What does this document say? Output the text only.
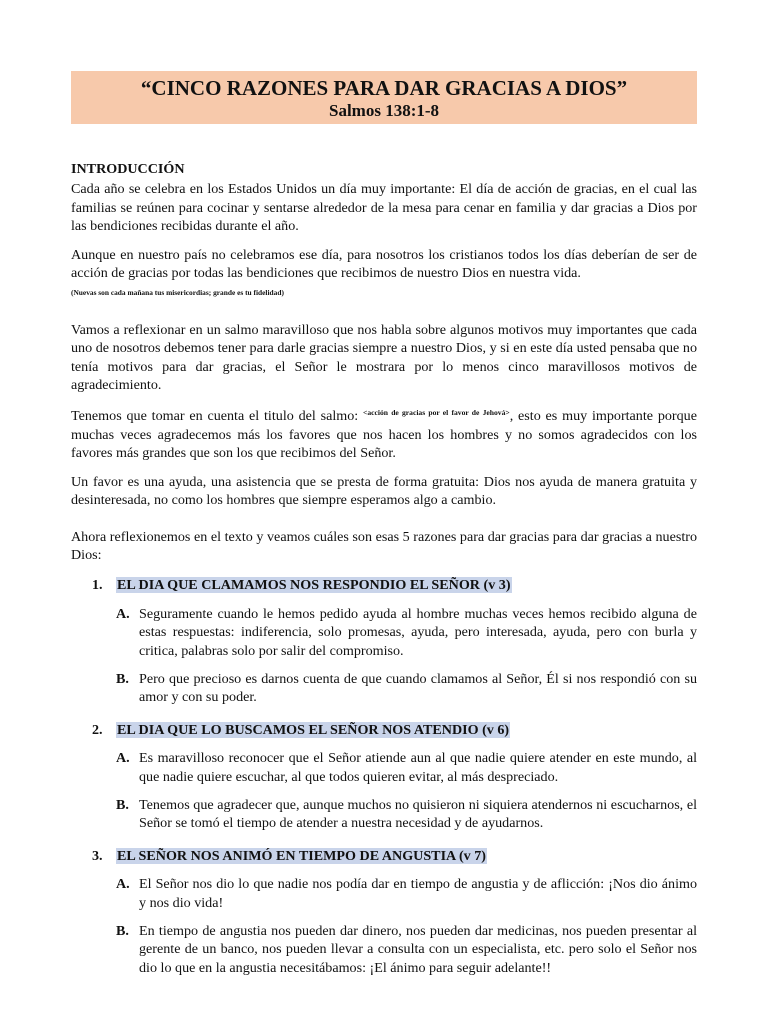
“CINCO RAZONES PARA DAR GRACIAS A DIOS”
Salmos 138:1-8

INTRODUCCIÓN

Cada año se celebra en los Estados Unidos un día muy importante: El día de acción de gracias, en el cual las familias se reúnen para cocinar y sentarse alrededor de la mesa para cenar en familia y dar gracias a Dios por las bendiciones recibidas durante el año.

Aunque en nuestro país no celebramos ese día, para nosotros los cristianos todos los días deberían de ser de acción de gracias por todas las bendiciones que recibimos de nuestro Dios en nuestra vida.
(Nuevas son cada mañana tus misericordias; grande es tu fidelidad)

Vamos a reflexionar en un salmo maravilloso que nos habla sobre algunos motivos muy importantes que cada uno de nosotros debemos tener para darle gracias siempre a nuestro Dios, y si en este día usted pensaba que no tenía motivos para dar gracias, el Señor le mostrara por lo menos cinco maravillosos motivos de agradecimiento.

Tenemos que tomar en cuenta el titulo del salmo: $^{<acción de gracias por el favor de Jehová>}$, esto es muy importante porque muchas veces agradecemos más los favores que nos hacen los hombres y no somos agradecidos con los favores más grandes que son los que recibimos del Señor.

Un favor es una ayuda, una asistencia que se presta de forma gratuita: Dios nos ayuda de manera gratuita y desinteresada, no como los hombres que siempre esperamos algo a cambio.

Ahora reflexionemos en el texto y veamos cuáles son esas 5 razones para dar gracias para dar gracias a nuestro Dios:

1. EL DIA QUE CLAMAMOS NOS RESPONDIO EL SEÑOR (v 3)

A. Seguramente cuando le hemos pedido ayuda al hombre muchas veces hemos recibido alguna de estas respuestas: indiferencia, solo promesas, ayuda, pero interesada, ayuda, pero con burla y critica, palabras solo por salir del compromiso.

B. Pero que precioso es darnos cuenta de que cuando clamamos al Señor, Él si nos respondió con su amor y con su poder.

2. EL DIA QUE LO BUSCAMOS EL SEÑOR NOS ATENDIO (v 6)

A. Es maravilloso reconocer que el Señor atiende aun al que nadie quiere atender en este mundo, al que nadie quiere escuchar, al que todos quieren evitar, al más despreciado.

B. Tenemos que agradecer que, aunque muchos no quisieron ni siquiera atendernos ni escucharnos, el Señor se tomó el tiempo de atender a nuestra necesidad y de ayudarnos.

3. EL SEÑOR NOS ANIMÓ EN TIEMPO DE ANGUSTIA (v 7)

A. El Señor nos dio lo que nadie nos podía dar en tiempo de angustia y de aflicción: ¡Nos dio ánimo y nos dio vida!

B. En tiempo de angustia nos pueden dar dinero, nos pueden dar medicinas, nos pueden presentar al gerente de un banco, nos pueden llevar a consulta con un especialista, etc. pero solo el Señor nos dio lo que en la angustia necesitábamos: ¡El ánimo para seguir adelante!!
